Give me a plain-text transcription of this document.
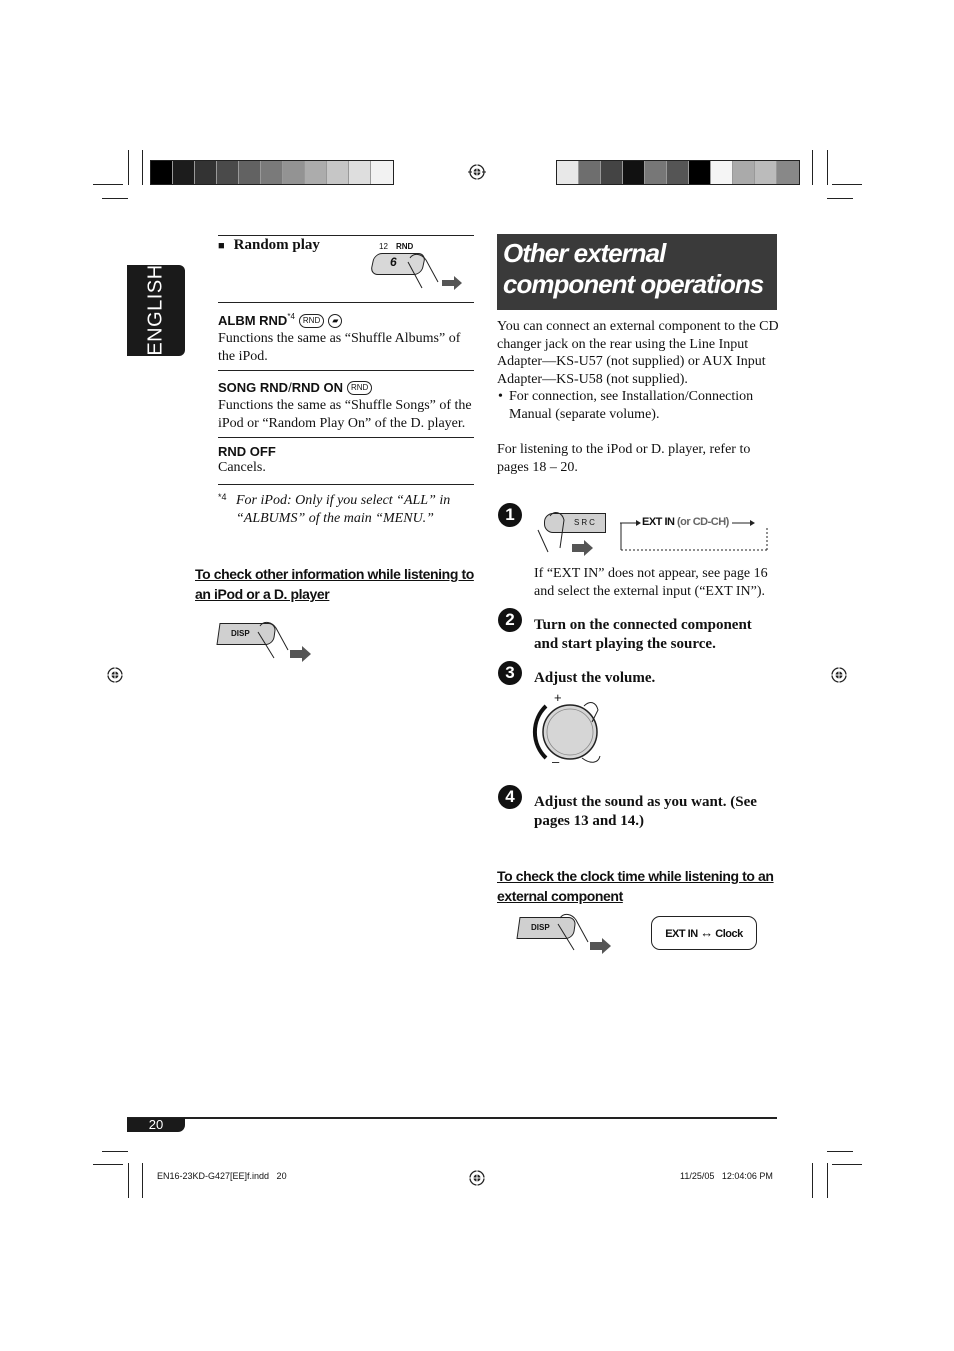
ENGLISH
■ Random play	12 RND
6
ALBM RND$^{*4}$ RND ▰
Functions the same as “Shuffle Albums” of the iPod.
SONG RND/RND ON RND
Functions the same as “Shuffle Songs” of the iPod or “Random Play On” of the D. player.
RND OFF
Cancels.
*4 For iPod: Only if you select “ALL” in “ALBUMS” of the main “MENU.”
To check other information while listening to an iPod or a D. player
DISP
Other external component operations
You can connect an external component to the CD changer jack on the rear using the Line Input Adapter—KS-U57 (not supplied) or AUX Input Adapter—KS-U58 (not supplied).
• For connection, see Installation/Connection Manual (separate volume).
For listening to the iPod or D. player, refer to pages 18 – 20.
1	SRC	EXT IN (or CD-CH)
If “EXT IN” does not appear, see page 16 and select the external input (“EXT IN”).
2	Turn on the connected component and start playing the source.
3	Adjust the volume.
+
–
4	Adjust the sound as you want. (See pages 13 and 14.)
To check the clock time while listening to an external component
DISP
EXT IN ↔ Clock
20
EN16-23KD-G427[EE]f.indd   20	11/25/05   12:04:06 PM
